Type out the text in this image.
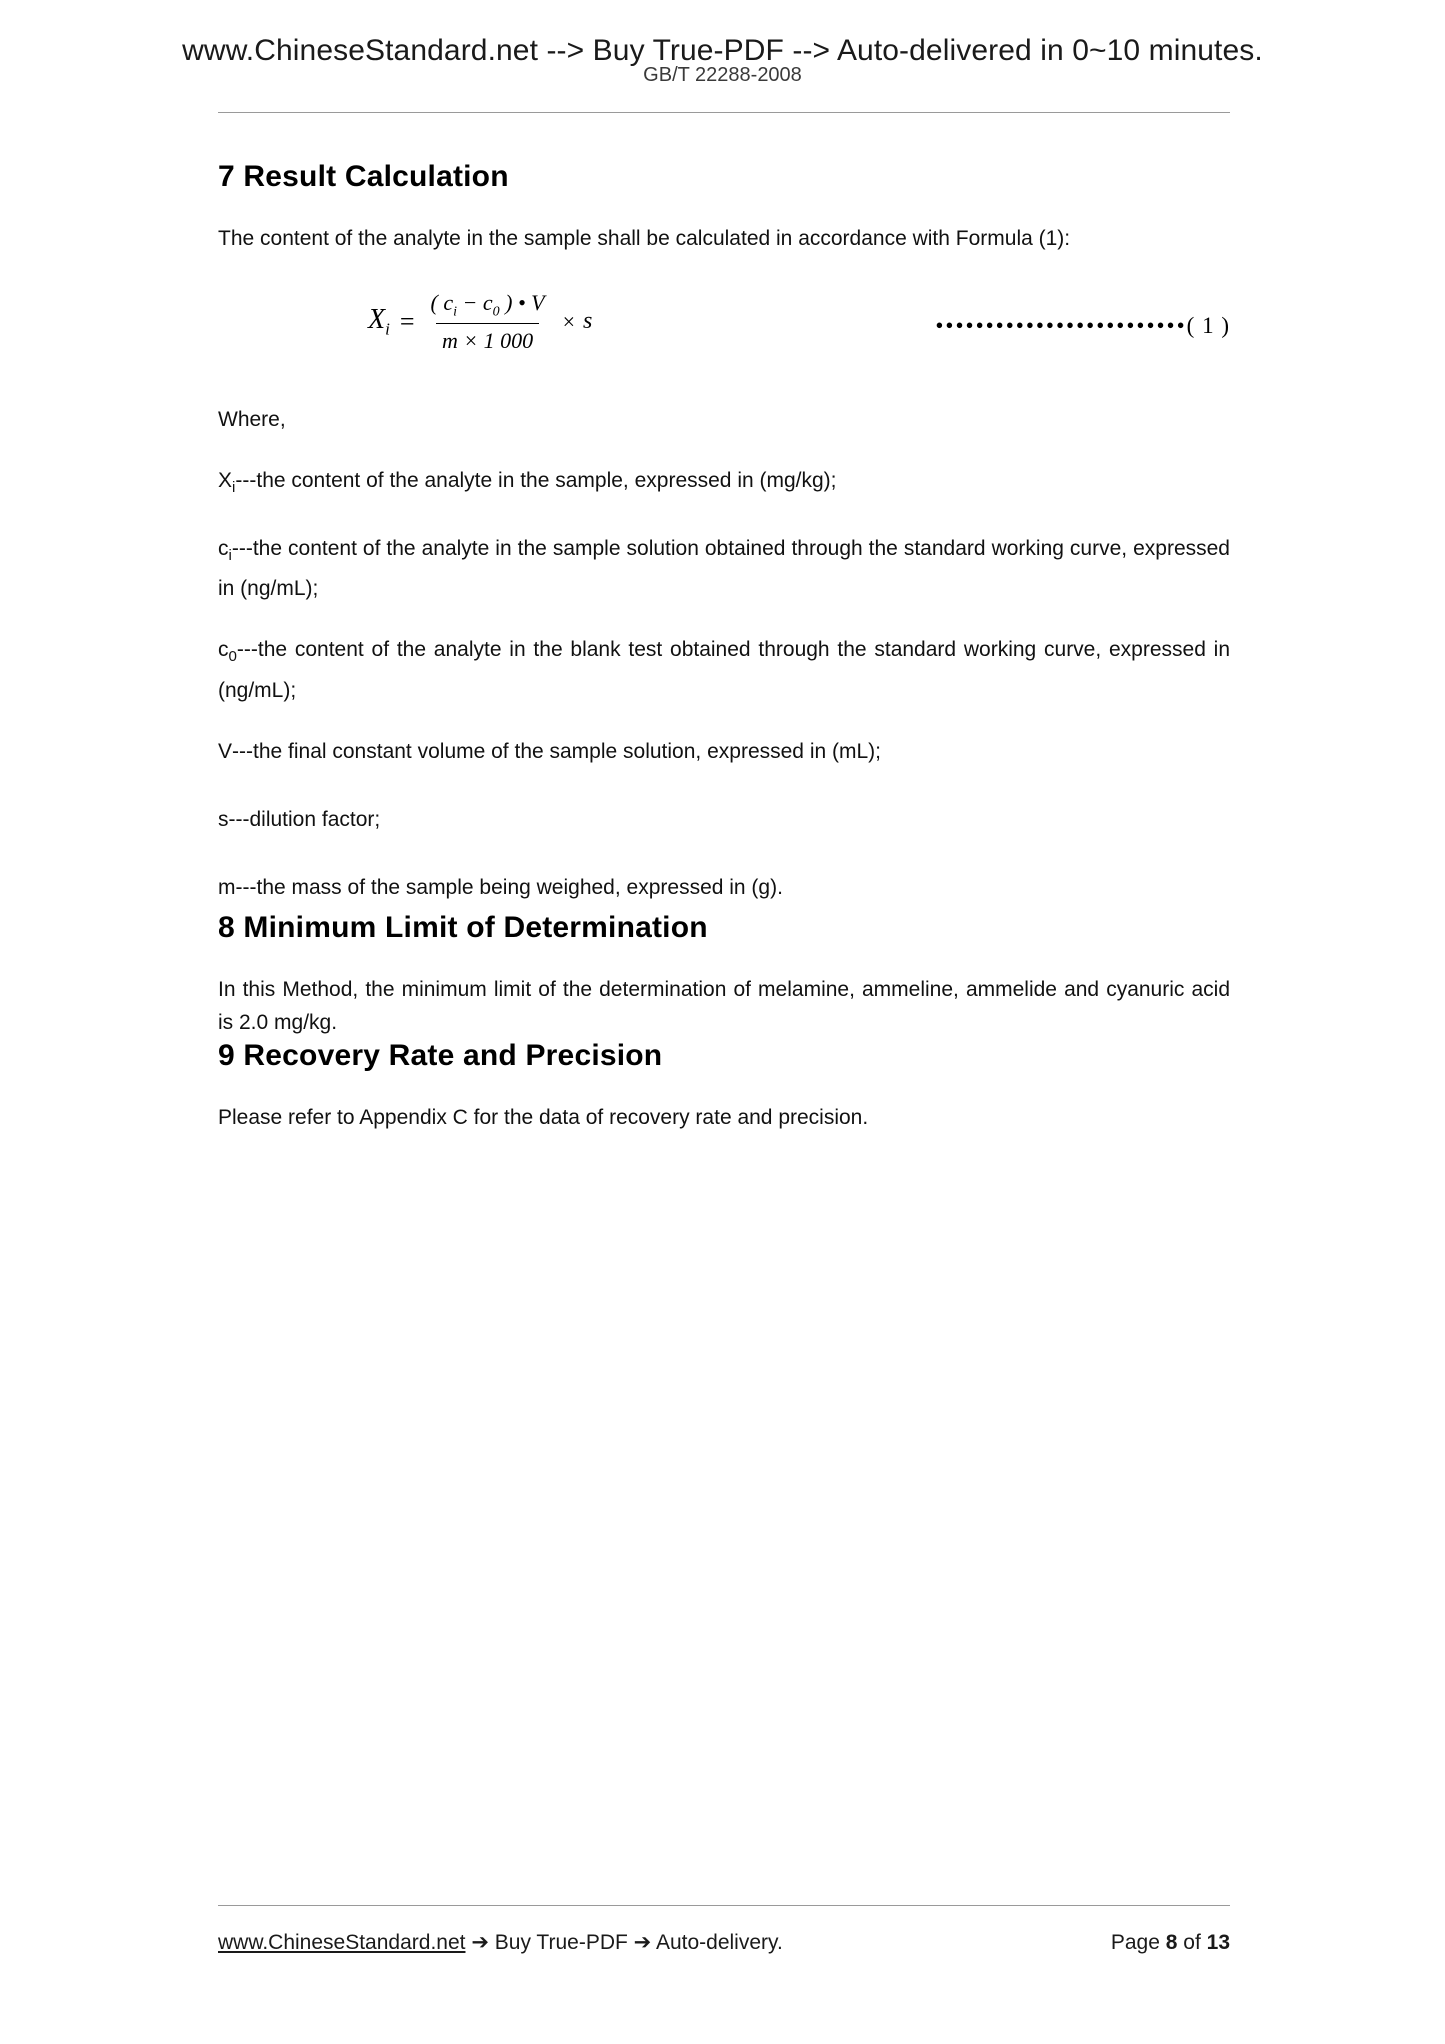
www.ChineseStandard.net --> Buy True-PDF --> Auto-delivered in 0~10 minutes.
GB/T 22288-2008
7 Result Calculation
The content of the analyte in the sample shall be calculated in accordance with Formula (1):
$X_i = \frac{( c_i - c_0 ) • V}{m \times 1 000} \times s$	•••••••••••••••••••••••••( 1 )
Where,
$X_i--$-the content of the analyte in the sample, expressed in (mg/kg);
$c_i--$-the content of the analyte in the sample solution obtained through the standard working curve, expressed in (ng/mL);
$c_0--$-the content of the analyte in the blank test obtained through the standard working curve, expressed in (ng/mL);
V---the final constant volume of the sample solution, expressed in (mL);
s---dilution factor;
m---the mass of the sample being weighed, expressed in (g).
8 Minimum Limit of Determination
In this Method, the minimum limit of the determination of melamine, ammeline, ammelide and cyanuric acid is 2.0 mg/kg.
9 Recovery Rate and Precision
Please refer to Appendix C for the data of recovery rate and precision.
www.ChineseStandard.net ➔ Buy True-PDF ➔ Auto-delivery.	Page 8 of 13
